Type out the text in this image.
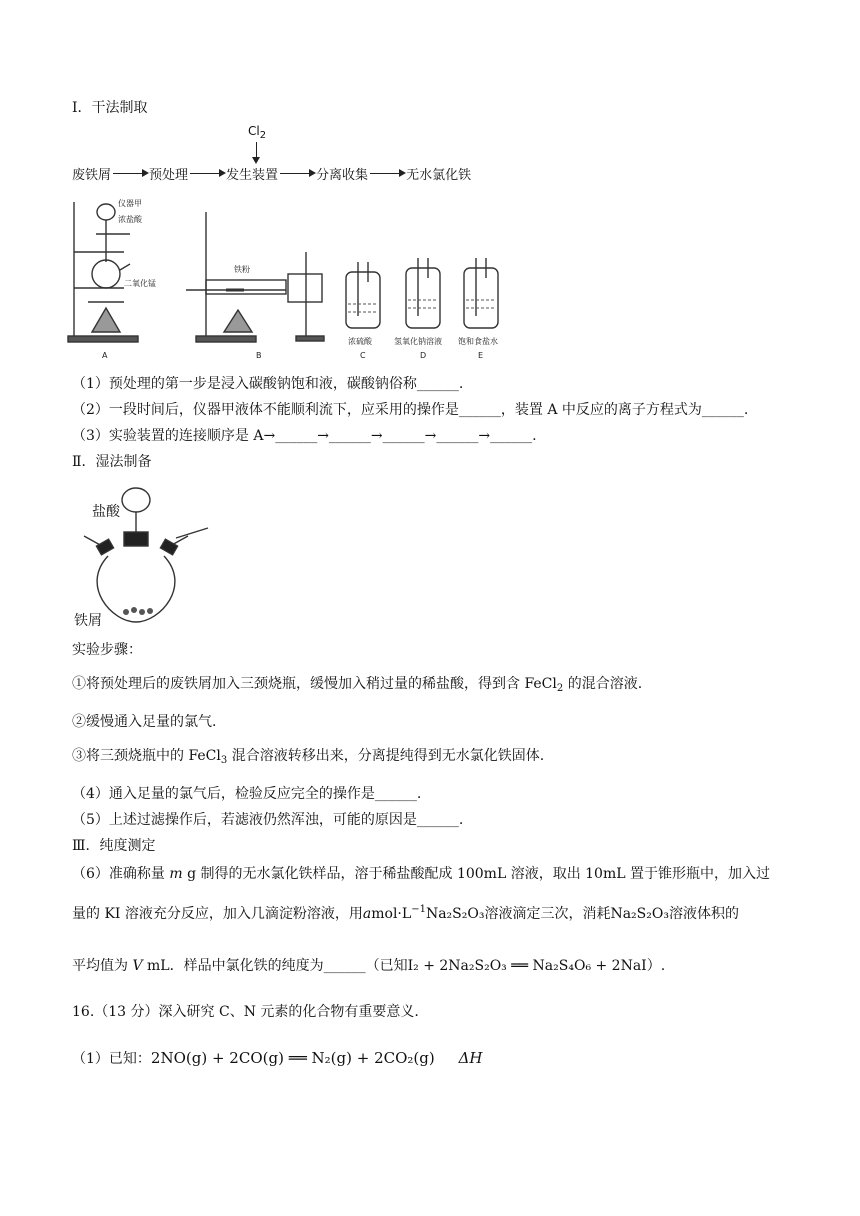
Ⅰ．干法制取
$Cl_2$
废铁屑	预处理	发生装置	分离收集	无水氯化铁
仪器甲
浓盐酸
二氧化锰
铁粉
浓硫酸	氢氧化钠溶液 饱和食盐水
A	B	C	D	E
（1）预处理的第一步是浸入碳酸钠饱和液，碳酸钠俗称______.
（2）一段时间后，仪器甲液体不能顺利流下，应采用的操作是______，装置 A 中反应的离子方程式为______.
（3）实验装置的连接顺序是 A→______→______→______→______→______.
Ⅱ．湿法制备
盐酸
铁屑
实验步骤：
①将预处理后的废铁屑加入三颈烧瓶，缓慢加入稍过量的稀盐酸，得到含 FeCl$_2$ 的混合溶液.
②缓慢通入足量的氯气.
③将三颈烧瓶中的 FeCl$_3$ 混合溶液转移出来，分离提纯得到无水氯化铁固体.
（4）通入足量的氯气后，检验反应完全的操作是______.
（5）上述过滤操作后，若滤液仍然浑浊，可能的原因是______.
Ⅲ．纯度测定
（6）准确称量 m g 制得的无水氯化铁样品，溶于稀盐酸配成 100mL 溶液，取出 10mL 置于锥形瓶中，加入过
量的 KI 溶液充分反应，加入几滴淀粉溶液，用$amol\cdot L^{-1}Na_2S_2O_3$溶液滴定三次，消耗Na₂S₂O₃溶液体积的
平均值为 V mL．样品中氯化铁的纯度为______（已知I₂ + 2Na₂S₂O₃ ══ Na₂S₄O₆ + 2NaI）.
16.（13 分）深入研究 C、N 元素的化合物有重要意义.
（1）已知：2NO(g) + 2CO(g) ══ N₂(g) + 2CO₂(g) ΔH
